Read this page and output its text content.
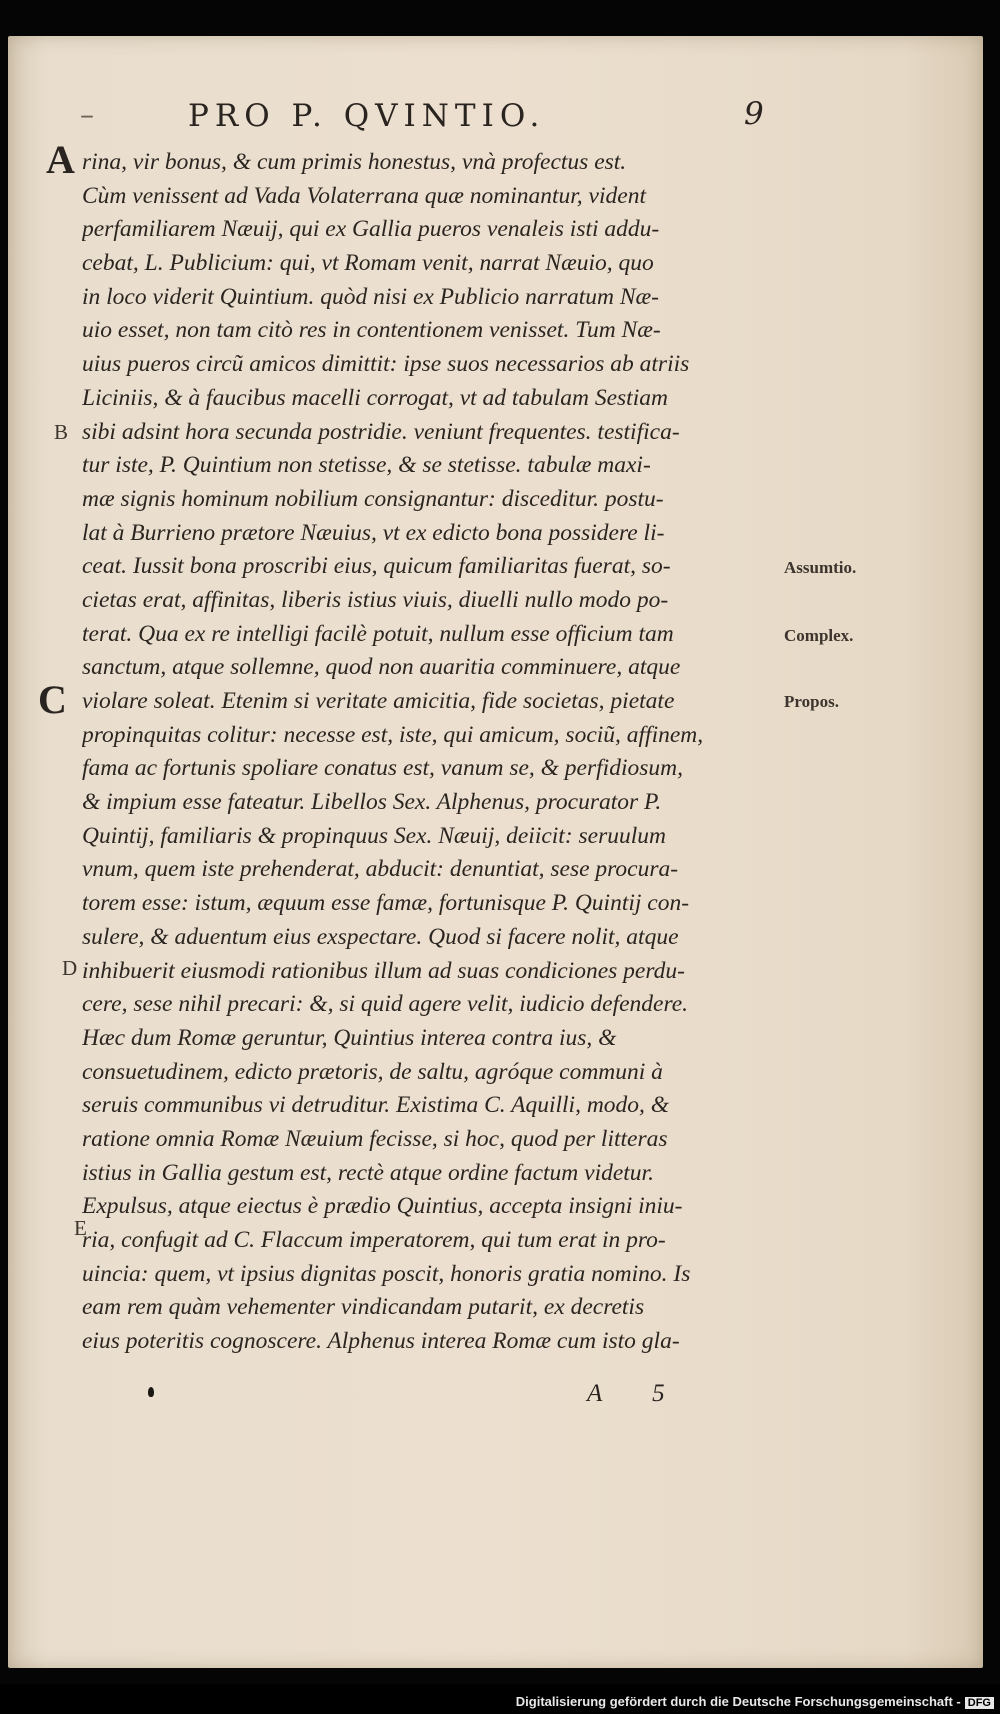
–	PRO P. QVINTIO.	9
A
B
C
D
E
rina, vir bonus, & cum primis honestus, vnà profectus est.
Cùm venissent ad Vada Volaterrana quæ nominantur, vident
perfamiliarem Næuij, qui ex Gallia pueros venaleis isti addu-
cebat, L. Publicium: qui, vt Romam venit, narrat Næuio, quo
in loco viderit Quintium. quòd nisi ex Publicio narratum Næ-
uio esset, non tam citò res in contentionem venisset. Tum Næ-
uius pueros circũ amicos dimittit: ipse suos necessarios ab atriis
Liciniis, & à faucibus macelli corrogat, vt ad tabulam Sestiam
sibi adsint hora secunda postridie. veniunt frequentes. testifica-
tur iste, P. Quintium non stetisse, & se stetisse. tabulæ maxi-
mæ signis hominum nobilium consignantur: disceditur. postu-
lat à Burrieno prætore Næuius, vt ex edicto bona possidere li-
ceat. Iussit bona proscribi eius, quicum familiaritas fuerat, so-
cietas erat, affinitas, liberis istius viuis, diuelli nullo modo po-
terat. Qua ex re intelligi facilè potuit, nullum esse officium tam
sanctum, atque sollemne, quod non auaritia comminuere, atque
violare soleat. Etenim si veritate amicitia, fide societas, pietate
propinquitas colitur: necesse est, iste, qui amicum, sociũ, affinem,
fama ac fortunis spoliare conatus est, vanum se, & perfidiosum,
& impium esse fateatur. Libellos Sex. Alphenus, procurator P.
Quintij, familiaris & propinquus Sex. Næuij, deiicit: seruulum
vnum, quem iste prehenderat, abducit: denuntiat, sese procura-
torem esse: istum, æquum esse famæ, fortunisque P. Quintij con-
sulere, & aduentum eius exspectare. Quod si facere nolit, atque
inhibuerit eiusmodi rationibus illum ad suas condiciones perdu-
cere, sese nihil precari: &, si quid agere velit, iudicio defendere.
Hæc dum Romæ geruntur, Quintius interea contra ius, &
consuetudinem, edicto prætoris, de saltu, agróque communi à
seruis communibus vi detruditur. Existima C. Aquilli, modo, &
ratione omnia Romæ Næuium fecisse, si hoc, quod per litteras
istius in Gallia gestum est, rectè atque ordine factum videtur.
Expulsus, atque eiectus è prædio Quintius, accepta insigni iniu-
ria, confugit ad C. Flaccum imperatorem, qui tum erat in pro-
uincia: quem, vt ipsius dignitas poscit, honoris gratia nomino. Is
eam rem quàm vehementer vindicandam putarit, ex decretis
eius poteritis cognoscere. Alphenus interea Romæ cum isto gla-
Assumtio.
Complex.
Propos.
A 5
Digitalisierung gefördert durch die Deutsche Forschungsgemeinschaft - DFG
